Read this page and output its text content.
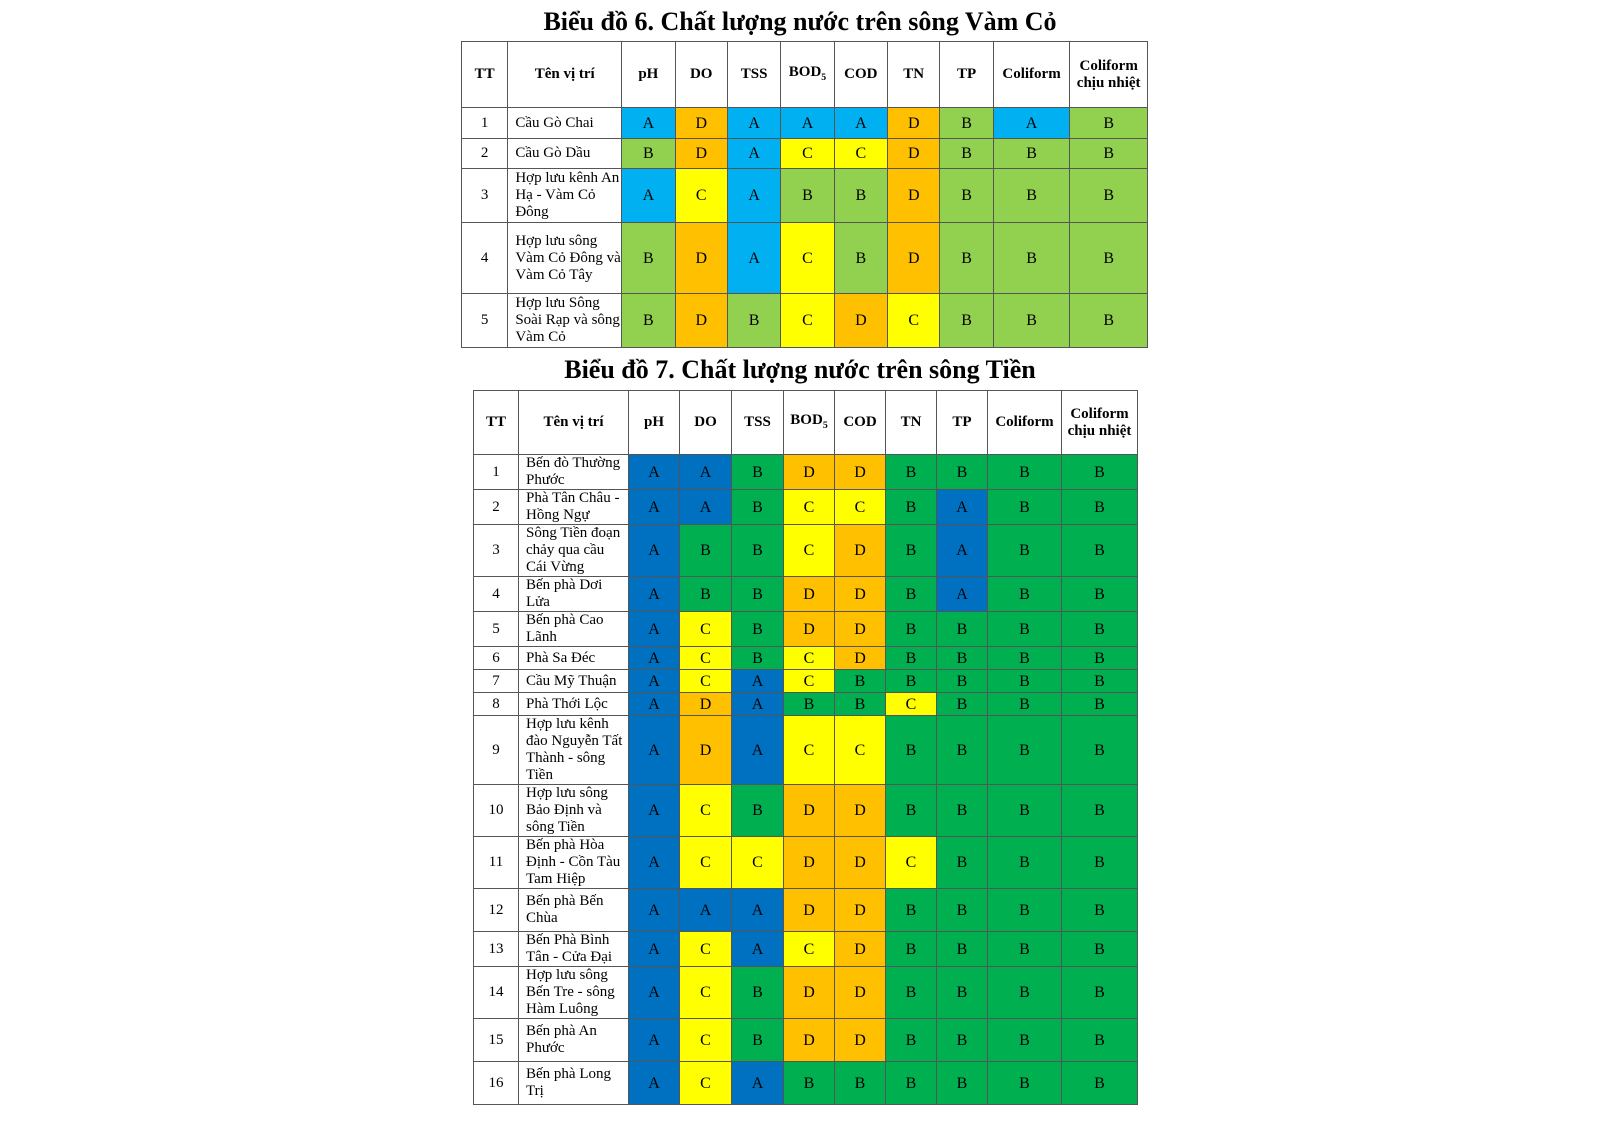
Biểu đồ 6. Chất lượng nước trên sông Vàm Cỏ
TT	Tên vị trí	pH	DO	TSS	$BOD_5$	COD	TN	TP	Coliform	Coliform chịu nhiệt
1	Cầu Gò Chai	A	D	A	A	A	D	B	A	B
2	Cầu Gò Dầu	B	D	A	C	C	D	B	B	B
3	Hợp lưu kênh An Hạ - Vàm Cỏ Đông	A	C	A	B	B	D	B	B	B
4	Hợp lưu sông Vàm Cỏ Đông và Vàm Cỏ Tây	B	D	A	C	B	D	B	B	B
5	Hợp lưu Sông Soài Rạp và sông Vàm Cỏ	B	D	B	C	D	C	B	B	B
Biểu đồ 7. Chất lượng nước trên sông Tiền
TT	Tên vị trí	pH	DO	TSS	$BOD_5$	COD	TN	TP	Coliform	Coliform chịu nhiệt
1	Bến đò Thường Phước	A	A	B	D	D	B	B	B	B
2	Phà Tân Châu - Hồng Ngự	A	A	B	C	C	B	A	B	B
3	Sông Tiền đoạn chảy qua cầu Cái Vừng	A	B	B	C	D	B	A	B	B
4	Bến phà Dơi Lửa	A	B	B	D	D	B	A	B	B
5	Bến phà Cao Lãnh	A	C	B	D	D	B	B	B	B
6	Phà Sa Đéc	A	C	B	C	D	B	B	B	B
7	Cầu Mỹ Thuận	A	C	A	C	B	B	B	B	B
8	Phà Thới Lộc	A	D	A	B	B	C	B	B	B
9	Hợp lưu kênh đào Nguyễn Tất Thành - sông Tiền	A	D	A	C	C	B	B	B	B
10	Hợp lưu sông Bảo Định và sông Tiền	A	C	B	D	D	B	B	B	B
11	Bến phà Hòa Định - Cồn Tàu Tam Hiệp	A	C	C	D	D	C	B	B	B
12	Bến phà Bến Chùa	A	A	A	D	D	B	B	B	B
13	Bến Phà Bình Tân - Cửa Đại	A	C	A	C	D	B	B	B	B
14	Hợp lưu sông Bến Tre - sông Hàm Luông	A	C	B	D	D	B	B	B	B
15	Bến phà An Phước	A	C	B	D	D	B	B	B	B
16	Bến phà Long Trị	A	C	A	B	B	B	B	B	B
